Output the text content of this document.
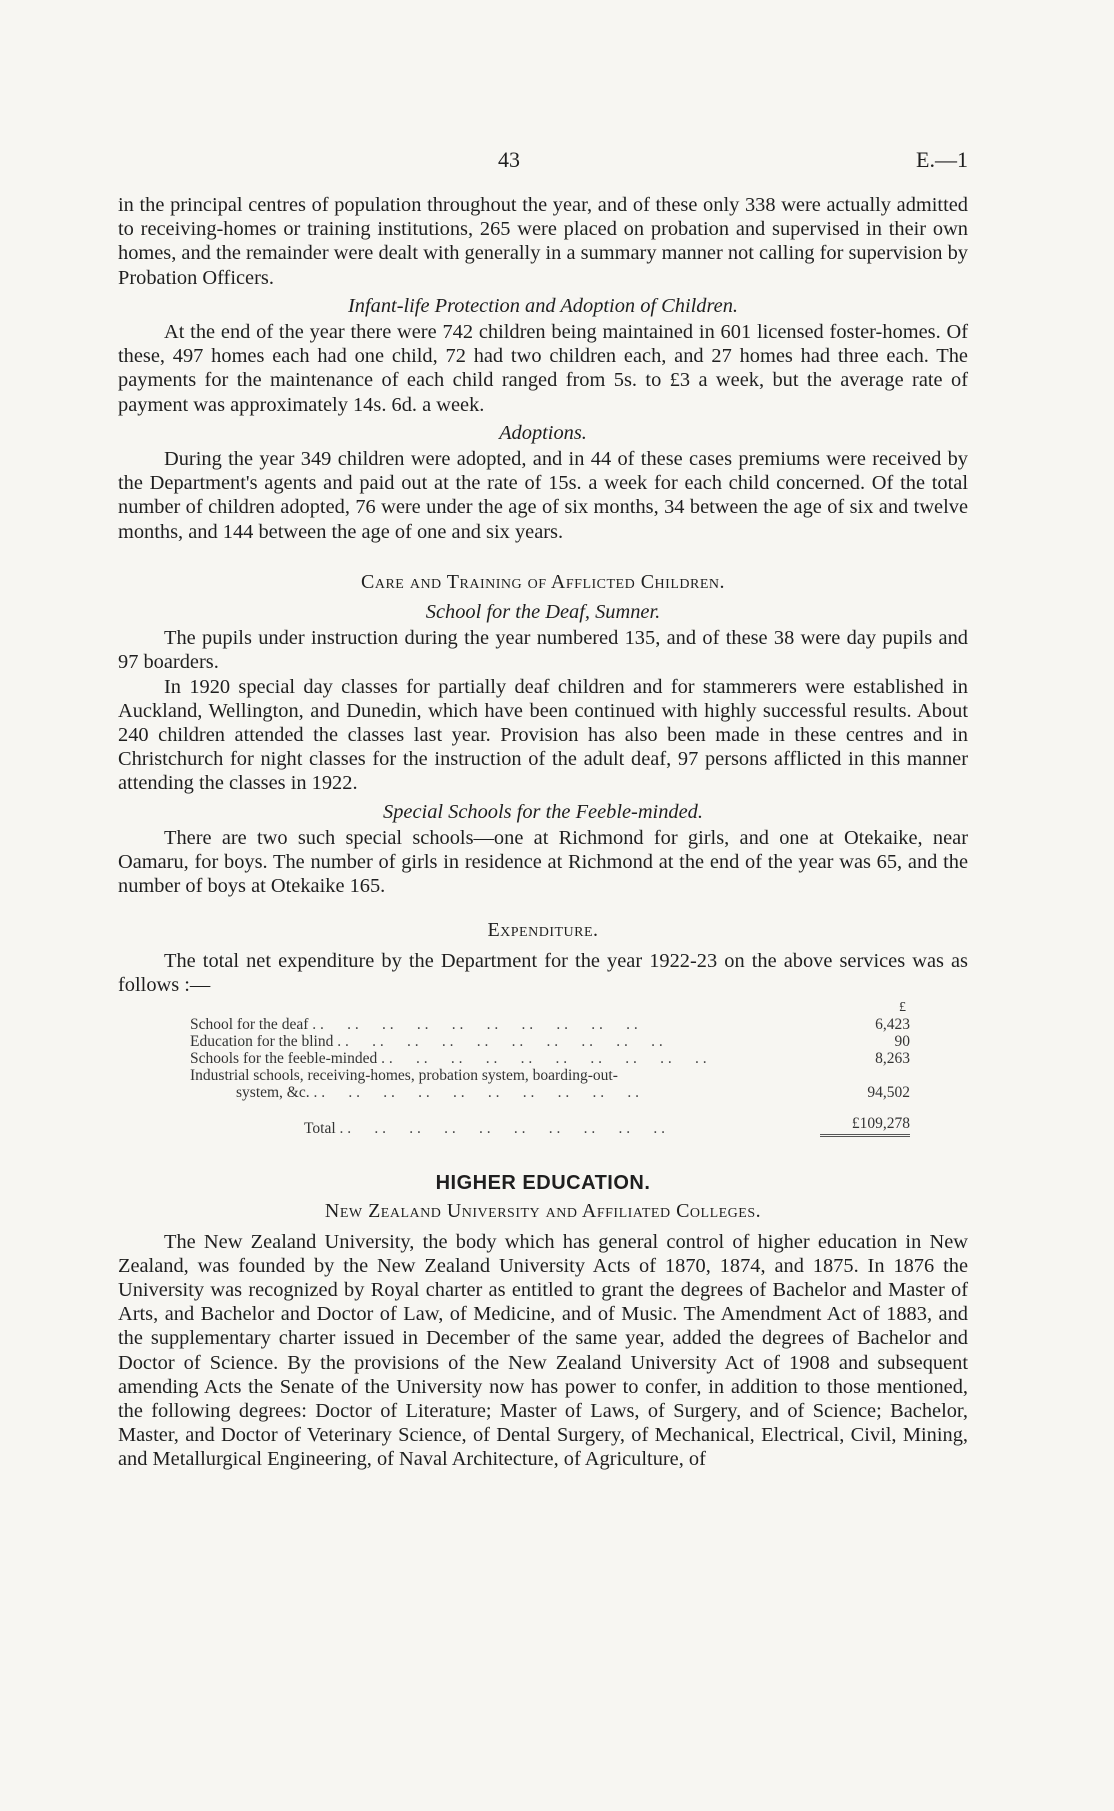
43	E.—1

in the principal centres of population throughout the year, and of these only 338 were actually admitted to receiving-homes or training institutions, 265 were placed on probation and supervised in their own homes, and the remainder were dealt with generally in a summary manner not calling for supervision by Probation Officers.

Infant-life Protection and Adoption of Children.

At the end of the year there were 742 children being maintained in 601 licensed foster-homes. Of these, 497 homes each had one child, 72 had two children each, and 27 homes had three each. The payments for the maintenance of each child ranged from 5s. to £3 a week, but the average rate of payment was approximately 14s. 6d. a week.

Adoptions.

During the year 349 children were adopted, and in 44 of these cases premiums were received by the Department's agents and paid out at the rate of 15s. a week for each child concerned. Of the total number of children adopted, 76 were under the age of six months, 34 between the age of six and twelve months, and 144 between the age of one and six years.

Care and Training of Afflicted Children.
School for the Deaf, Sumner.

The pupils under instruction during the year numbered 135, and of these 38 were day pupils and 97 boarders.

In 1920 special day classes for partially deaf children and for stammerers were established in Auckland, Wellington, and Dunedin, which have been continued with highly successful results. About 240 children attended the classes last year. Provision has also been made in these centres and in Christchurch for night classes for the instruction of the adult deaf, 97 persons afflicted in this manner attending the classes in 1922.

Special Schools for the Feeble-minded.

There are two such special schools—one at Richmond for girls, and one at Otekaike, near Oamaru, for boys. The number of girls in residence at Richmond at the end of the year was 65, and the number of boys at Otekaike 165.

Expenditure.

The total net expenditure by the Department for the year 1922-23 on the above services was as follows :—

£
School for the deaf . .	6,423
Education for the blind . .	90
Schools for the feeble-minded . .	8,263
Industrial schools, receiving-homes, probation system, boarding-out-
system, &c. . .	94,502
Total . .	£109,278
HIGHER EDUCATION.
New Zealand University and Affiliated Colleges.

The New Zealand University, the body which has general control of higher education in New Zealand, was founded by the New Zealand University Acts of 1870, 1874, and 1875. In 1876 the University was recognized by Royal charter as entitled to grant the degrees of Bachelor and Master of Arts, and Bachelor and Doctor of Law, of Medicine, and of Music. The Amendment Act of 1883, and the supplementary charter issued in December of the same year, added the degrees of Bachelor and Doctor of Science. By the provisions of the New Zealand University Act of 1908 and subsequent amending Acts the Senate of the University now has power to confer, in addition to those mentioned, the following degrees: Doctor of Literature; Master of Laws, of Surgery, and of Science; Bachelor, Master, and Doctor of Veterinary Science, of Dental Surgery, of Mechanical, Electrical, Civil, Mining, and Metallurgical Engineering, of Naval Architecture, of Agriculture, of
